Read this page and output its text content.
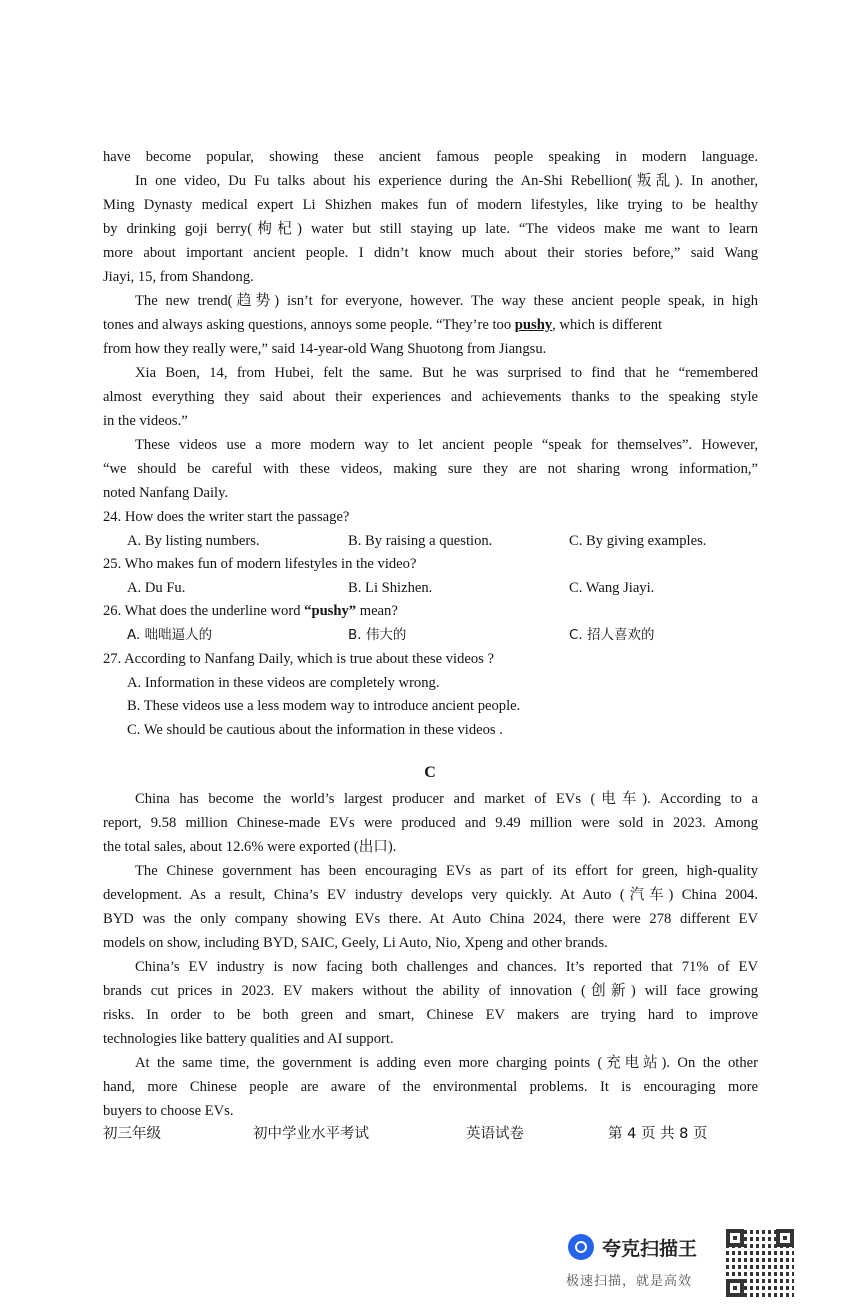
have become popular, showing these ancient famous people speaking in modern language.
In one video, Du Fu talks about his experience during the An-Shi Rebellion(叛乱). In another,
Ming Dynasty medical expert Li Shizhen makes fun of modern lifestyles, like trying to be healthy
by drinking goji berry(枸杞) water but still staying up late. “The videos make me want to learn
more about important ancient people. I didn’t know much about their stories before,” said Wang
Jiayi, 15, from Shandong.
The new trend(趋势) isn’t for everyone, however. The way these ancient people speak, in high
tones and always asking questions, annoys some people. “They’re too pushy, which is different
from how they really were,” said 14-year-old Wang Shuotong from Jiangsu.
Xia Boen, 14, from Hubei, felt the same. But he was surprised to find that he “remembered
almost everything they said about their experiences and achievements thanks to the speaking style
in the videos.”
These videos use a more modern way to let ancient people “speak for themselves”. However,
“we should be careful with these videos, making sure they are not sharing wrong information,”
noted Nanfang Daily.
24. How does the writer start the passage?
A. By listing numbers.	B. By raising a question.	C. By giving examples.
25. Who makes fun of modern lifestyles in the video?
A. Du Fu.	B. Li Shizhen.	C. Wang Jiayi.
26. What does the underline word “pushy” mean?
A. 咄咄逼人的	B. 伟大的	C. 招人喜欢的
27. According to Nanfang Daily, which is true about these videos ?
A. Information in these videos are completely wrong.
B. These videos use a less modem way to introduce ancient people.
C. We should be cautious about the information in these videos .
C
China has become the world’s largest producer and market of EVs (电车). According to a
report, 9.58 million Chinese-made EVs were produced and 9.49 million were sold in 2023. Among
the total sales, about 12.6% were exported (出口).
The Chinese government has been encouraging EVs as part of its effort for green, high-quality
development. As a result, China’s EV industry develops very quickly. At Auto (汽车) China 2004.
BYD was the only company showing EVs there. At Auto China 2024, there were 278 different EV
models on show, including BYD, SAIC, Geely, Li Auto, Nio, Xpeng and other brands.
China’s EV industry is now facing both challenges and chances. It’s reported that 71% of EV
brands cut prices in 2023. EV makers without the ability of innovation (创新) will face growing
risks. In order to be both green and smart, Chinese EV makers are trying hard to improve
technologies like battery qualities and AI support.
At the same time, the government is adding even more charging points (充电站). On the other
hand, more Chinese people are aware of the environmental problems. It is encouraging more
buyers to choose EVs.
初三年级	初中学业水平考试	英语试卷	第 4 页 共 8 页
夸克扫描王
极速扫描，就是高效
